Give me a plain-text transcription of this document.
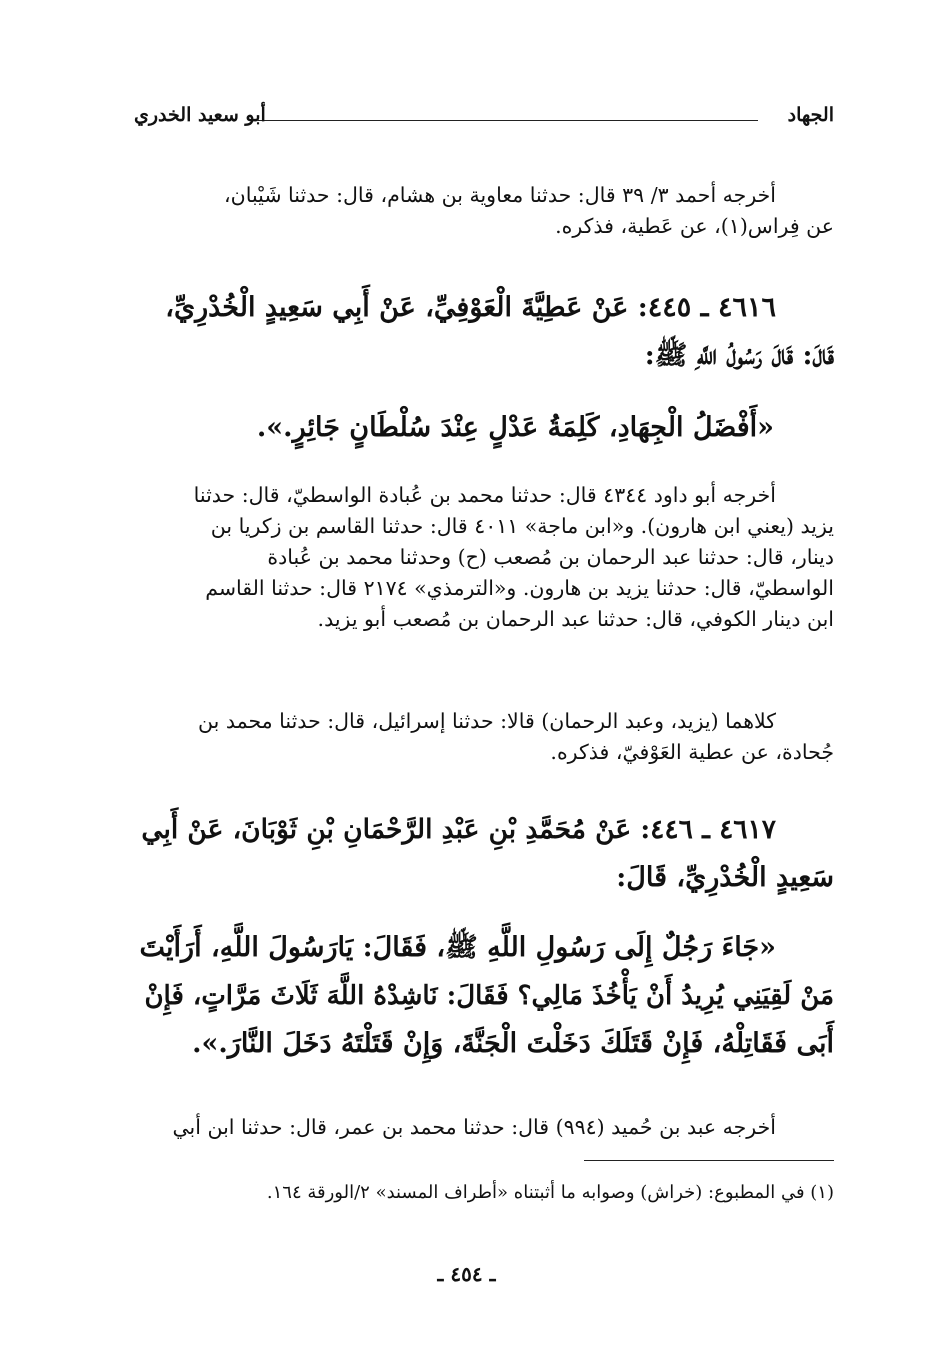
الجهاد
أبو سعيد الخدري
أخرجه أحمد ٣/ ٣٩ قال: حدثنا معاوية بن هشام، قال: حدثنا شَيْبان،
عن فِراس(١)، عن عَطية، فذكره.
٤٦١٦ ـ ٤٤٥: عَنْ عَطِيَّةَ الْعَوْفِيِّ، عَنْ أَبِي سَعِيدٍ الْخُدْرِيِّ،
قَالَ: قَالَ رَسُولُ اللَّهِ ﷺ:
«أَفْضَلُ الْجِهَادِ، كَلِمَةُ عَدْلٍ عِنْدَ سُلْطَانٍ جَائِرٍ.».
أخرجه أبو داود ٤٣٤٤ قال: حدثنا محمد بن عُبادة الواسطيّ، قال: حدثنا
يزيد (يعني ابن هارون). و«ابن ماجة» ٤٠١١ قال: حدثنا القاسم بن زكريا بن
دينار، قال: حدثنا عبد الرحمان بن مُصعب (ح) وحدثنا محمد بن عُبادة
الواسطيّ، قال: حدثنا يزيد بن هارون. و«الترمذي» ٢١٧٤ قال: حدثنا القاسم
ابن دينار الكوفي، قال: حدثنا عبد الرحمان بن مُصعب أبو يزيد.
كلاهما (يزيد، وعبد الرحمان) قالا: حدثنا إسرائيل، قال: حدثنا محمد بن
جُحادة، عن عطية العَوْفيّ، فذكره.
٤٦١٧ ـ ٤٤٦: عَنْ مُحَمَّدِ بْنِ عَبْدِ الرَّحْمَانِ بْنِ ثَوْبَانَ، عَنْ أَبِي
سَعِيدٍ الْخُدْرِيِّ، قَالَ:
«جَاءَ رَجُلٌ إِلَى رَسُولِ اللَّهِ ﷺ، فَقَالَ: يَارَسُولَ اللَّهِ، أَرَأَيْتَ
مَنْ لَقِيَنِي يُرِيدُ أَنْ يَأْخُذَ مَالِي؟ فَقَالَ: نَاشِدْهُ اللَّهَ ثَلَاثَ مَرَّاتٍ، فَإِنْ
أَبَى فَقَاتِلْهُ، فَإِنْ قَتَلَكَ دَخَلْتَ الْجَنَّةَ، وَإِنْ قَتَلْتَهُ دَخَلَ النَّارَ.».
أخرجه عبد بن حُميد (٩٩٤) قال: حدثنا محمد بن عمر، قال: حدثنا ابن أبي
(١) في المطبوع: (خراش) وصوابه ما أثبتناه «أطراف المسند» ٢/الورقة ١٦٤.
ـ ٤٥٤ ـ
